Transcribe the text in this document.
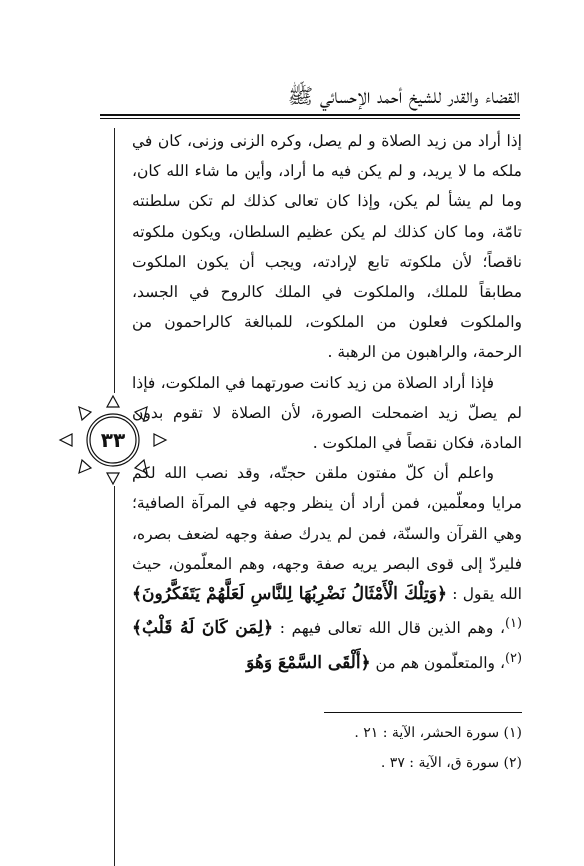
القضاء والقدر للشيخ أحمد الإحسائي ﷺ
٣٣

إذا أراد من زيد الصلاة و لم يصل، وكره الزنى وزنى، كان في ملكه ما لا يريد، و لم يكن فيه ما أراد، وأين ما شاء الله كان، وما لم يشأ لم يكن، وإذا كان تعالى كذلك لم تكن سلطنته تامّة، وما كان كذلك لم يكن عظيم السلطان، ويكون ملكوته ناقصاً؛ لأن ملكوته تابع لإرادته، ويجب أن يكون الملكوت مطابقاً للملك، والملكوت في الملك كالروح في الجسد، والملكوت فعلون من الملكوت، للمبالغة كالراحمون من الرحمة، والراهبون من الرهبة .

فإذا أراد الصلاة من زيد كانت صورتهما في الملكوت، فإذا لم يصلّ زيد اضمحلت الصورة، لأن الصلاة لا تقوم بدون المادة، فكان نقصاً في الملكوت .

واعلم أن كلّ مفتون ملقن حجتّه، وقد نصب الله لكم مرايا ومعلّمين، فمن أراد أن ينظر وجهه في المرآة الصافية؛ وهي القرآن والسنّة، فمن لم يدرك صفة وجهه لضعف بصره، فليردّ إلى قوى البصر يريه صفة وجهه، وهم المعلّمون، حيث الله يقول : ﴿وَتِلْكَ الْأَمْثَالُ نَضْرِبُهَا لِلنَّاسِ لَعَلَّهُمْ يَتَفَكَّرُونَ﴾$^{(١)}$، وهم الذين قال الله تعالى فيهم : ﴿لِمَن كَانَ لَهُ قَلْبٌ﴾$^{(٢)}$، والمتعلّمون هم من ﴿أَلْقَى السَّمْعَ وَهُوَ

(١) سورة الحشر، الآية : ٢١ .

(٢) سورة ق، الآية : ٣٧ .
